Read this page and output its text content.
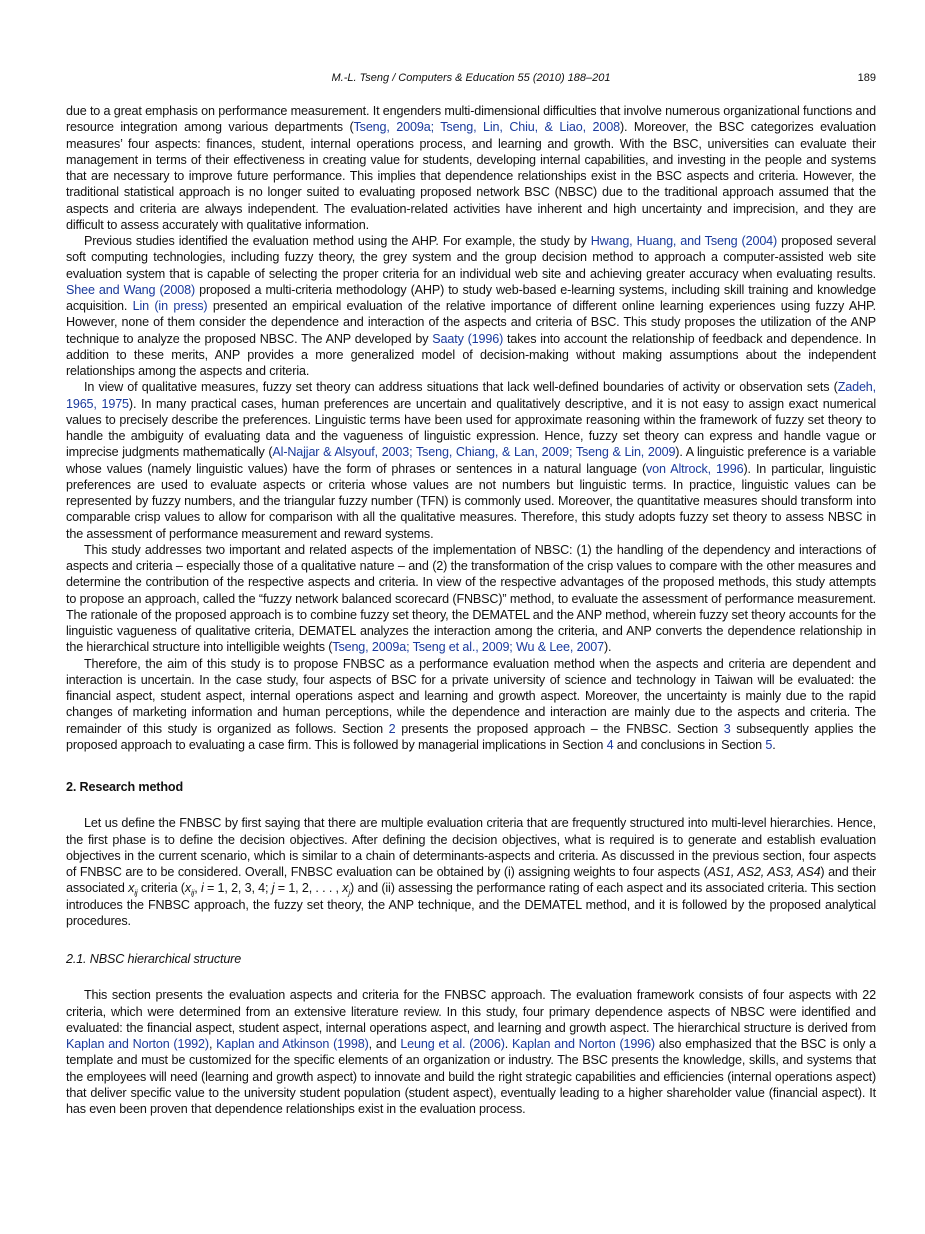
M.-L. Tseng / Computers & Education 55 (2010) 188–201	189

due to a great emphasis on performance measurement. It engenders multi-dimensional difficulties that involve numerous organizational functions and resource integration among various departments (Tseng, 2009a; Tseng, Lin, Chiu, & Liao, 2008). Moreover, the BSC categorizes evaluation measures’ four aspects: finances, student, internal operations process, and learning and growth. With the BSC, universities can evaluate their management in terms of their effectiveness in creating value for students, developing internal capabilities, and investing in the people and systems that are necessary to improve future performance. This implies that dependence relationships exist in the BSC aspects and criteria. However, the traditional statistical approach is no longer suited to evaluating proposed network BSC (NBSC) due to the traditional approach assumed that the aspects and criteria are always independent. The evaluation-related activities have inherent and high uncertainty and imprecision, and they are difficult to assess accurately with qualitative information.

Previous studies identified the evaluation method using the AHP. For example, the study by Hwang, Huang, and Tseng (2004) proposed several soft computing technologies, including fuzzy theory, the grey system and the group decision method to approach a computer-assisted web site evaluation system that is capable of selecting the proper criteria for an individual web site and achieving greater accuracy when evaluating results. Shee and Wang (2008) proposed a multi-criteria methodology (AHP) to study web-based e-learning systems, including skill training and knowledge acquisition. Lin (in press) presented an empirical evaluation of the relative importance of different online learning experiences using fuzzy AHP. However, none of them consider the dependence and interaction of the aspects and criteria of BSC. This study proposes the utilization of the ANP technique to analyze the proposed NBSC. The ANP developed by Saaty (1996) takes into account the relationship of feedback and dependence. In addition to these merits, ANP provides a more generalized model of decision-making without making assumptions about the independent relationships among the aspects and criteria.

In view of qualitative measures, fuzzy set theory can address situations that lack well-defined boundaries of activity or observation sets (Zadeh, 1965, 1975). In many practical cases, human preferences are uncertain and qualitatively descriptive, and it is not easy to assign exact numerical values to precisely describe the preferences. Linguistic terms have been used for approximate reasoning within the framework of fuzzy set theory to handle the ambiguity of evaluating data and the vagueness of linguistic expression. Hence, fuzzy set theory can express and handle vague or imprecise judgments mathematically (Al-Najjar & Alsyouf, 2003; Tseng, Chiang, & Lan, 2009; Tseng & Lin, 2009). A linguistic preference is a variable whose values (namely linguistic values) have the form of phrases or sentences in a natural language (von Altrock, 1996). In particular, linguistic preferences are used to evaluate aspects or criteria whose values are not numbers but linguistic terms. In practice, linguistic values can be represented by fuzzy numbers, and the triangular fuzzy number (TFN) is commonly used. Moreover, the quantitative measures should transform into comparable crisp values to allow for comparison with all the qualitative measures. Therefore, this study adopts fuzzy set theory to assess NBSC in the assessment of performance measurement and reward systems.

This study addresses two important and related aspects of the implementation of NBSC: (1) the handling of the dependency and interactions of aspects and criteria – especially those of a qualitative nature – and (2) the transformation of the crisp values to compare with the other measures and determine the contribution of the respective aspects and criteria. In view of the respective advantages of the proposed methods, this study attempts to propose an approach, called the “fuzzy network balanced scorecard (FNBSC)” method, to evaluate the assessment of performance measurement. The rationale of the proposed approach is to combine fuzzy set theory, the DEMATEL and the ANP method, wherein fuzzy set theory accounts for the linguistic vagueness of qualitative criteria, DEMATEL analyzes the interaction among the criteria, and ANP converts the dependence relationship in the hierarchical structure into intelligible weights (Tseng, 2009a; Tseng et al., 2009; Wu & Lee, 2007).

Therefore, the aim of this study is to propose FNBSC as a performance evaluation method when the aspects and criteria are dependent and interaction is uncertain. In the case study, four aspects of BSC for a private university of science and technology in Taiwan will be evaluated: the financial aspect, student aspect, internal operations aspect and learning and growth aspect. Moreover, the uncertainty is mainly due to the rapid changes of marketing information and human perceptions, while the dependence and interaction are mainly due to the aspects and criteria. The remainder of this study is organized as follows. Section 2 presents the proposed approach – the FNBSC. Section 3 subsequently applies the proposed approach to evaluating a case firm. This is followed by managerial implications in Section 4 and conclusions in Section 5.

2. Research method

Let us define the FNBSC by first saying that there are multiple evaluation criteria that are frequently structured into multi-level hierarchies. Hence, the first phase is to define the decision objectives. After defining the decision objectives, what is required is to generate and establish evaluation objectives in the current scenario, which is similar to a chain of determinants-aspects and criteria. As discussed in the previous section, four aspects of FNBSC are to be considered. Overall, FNBSC evaluation can be obtained by (i) assigning weights to four aspects (AS1, AS2, AS3, AS4) and their associated $x_{ij}$ criteria ($x_{ij}$, i = 1, 2, 3, 4; j = 1, 2, . . . , $x_j$) and (ii) assessing the performance rating of each aspect and its associated criteria. This section introduces the FNBSC approach, the fuzzy set theory, the ANP technique, and the DEMATEL method, and it is followed by the proposed analytical procedures.

2.1. NBSC hierarchical structure

This section presents the evaluation aspects and criteria for the FNBSC approach. The evaluation framework consists of four aspects with 22 criteria, which were determined from an extensive literature review. In this study, four primary dependence aspects of NBSC were identified and evaluated: the financial aspect, student aspect, internal operations aspect, and learning and growth aspect. The hierarchical structure is derived from Kaplan and Norton (1992), Kaplan and Atkinson (1998), and Leung et al. (2006). Kaplan and Norton (1996) also emphasized that the BSC is only a template and must be customized for the specific elements of an organization or industry. The BSC presents the knowledge, skills, and systems that the employees will need (learning and growth aspect) to innovate and build the right strategic capabilities and efficiencies (internal operations aspect) that deliver specific value to the university student population (student aspect), eventually leading to a higher shareholder value (financial aspect). It has even been proven that dependence relationships exist in the evaluation process.
